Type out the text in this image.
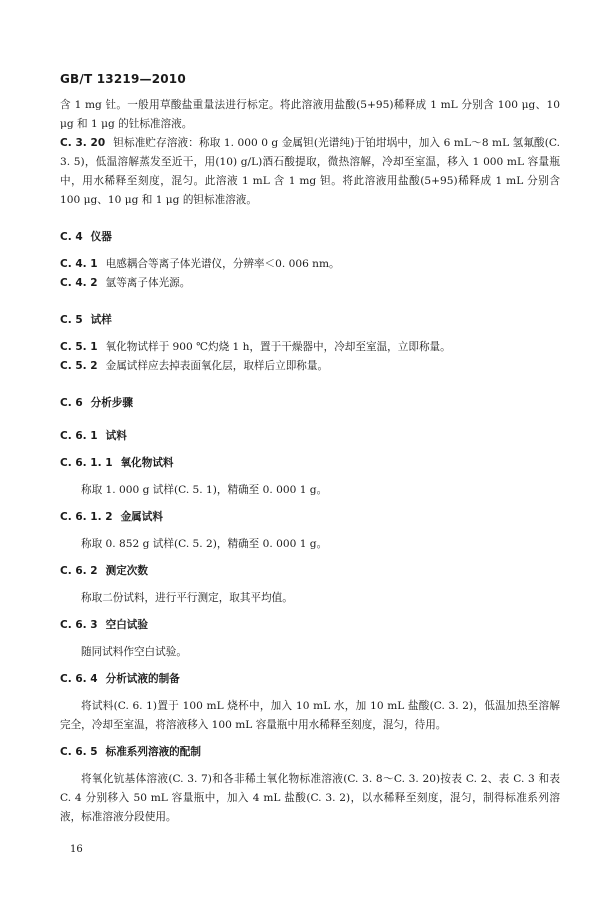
GB/T 13219—2010

含 1 mg 钍。一般用草酸盐重量法进行标定。将此溶液用盐酸(5+95)稀释成 1 mL 分别含 100 μg、10 μg 和 1 μg 的钍标准溶液。

C. 3. 20 钽标准贮存溶液：称取 1. 000 0 g 金属钽(光谱纯)于铂坩埚中，加入 6 mL～8 mL 氢氟酸(C. 3. 5)，低温溶解蒸发至近干，用(10) g/L)酒石酸提取，微热溶解，冷却至室温，移入 1 000 mL 容量瓶中，用水稀释至刻度，混匀。此溶液 1 mL 含 1 mg 钽。将此溶液用盐酸(5+95)稀释成 1 mL 分别含 100 μg、10 μg 和 1 μg 的钽标准溶液。

C. 4 仪器

C. 4. 1 电感耦合等离子体光谱仪，分辨率＜0. 006 nm。

C. 4. 2 氩等离子体光源。

C. 5 试样

C. 5. 1 氧化物试样于 900 ℃灼烧 1 h，置于干燥器中，冷却至室温，立即称量。

C. 5. 2 金属试样应去掉表面氧化层，取样后立即称量。

C. 6 分析步骤

C. 6. 1 试料

C. 6. 1. 1 氧化物试料

称取 1. 000 g 试样(C. 5. 1)，精确至 0. 000 1 g。

C. 6. 1. 2 金属试料

称取 0. 852 g 试样(C. 5. 2)，精确至 0. 000 1 g。

C. 6. 2 测定次数

称取二份试料，进行平行测定，取其平均值。

C. 6. 3 空白试验

随同试料作空白试验。

C. 6. 4 分析试液的制备

将试料(C. 6. 1)置于 100 mL 烧杯中，加入 10 mL 水，加 10 mL 盐酸(C. 3. 2)，低温加热至溶解完全，冷却至室温，将溶液移入 100 mL 容量瓶中用水稀释至刻度，混匀，待用。

C. 6. 5 标准系列溶液的配制

将氧化钪基体溶液(C. 3. 7)和各非稀土氧化物标准溶液(C. 3. 8～C. 3. 20)按表 C. 2、表 C. 3 和表 C. 4 分别移入 50 mL 容量瓶中，加入 4 mL 盐酸(C. 3. 2)，以水稀释至刻度，混匀，制得标准系列溶液，标准溶液分段使用。

16
